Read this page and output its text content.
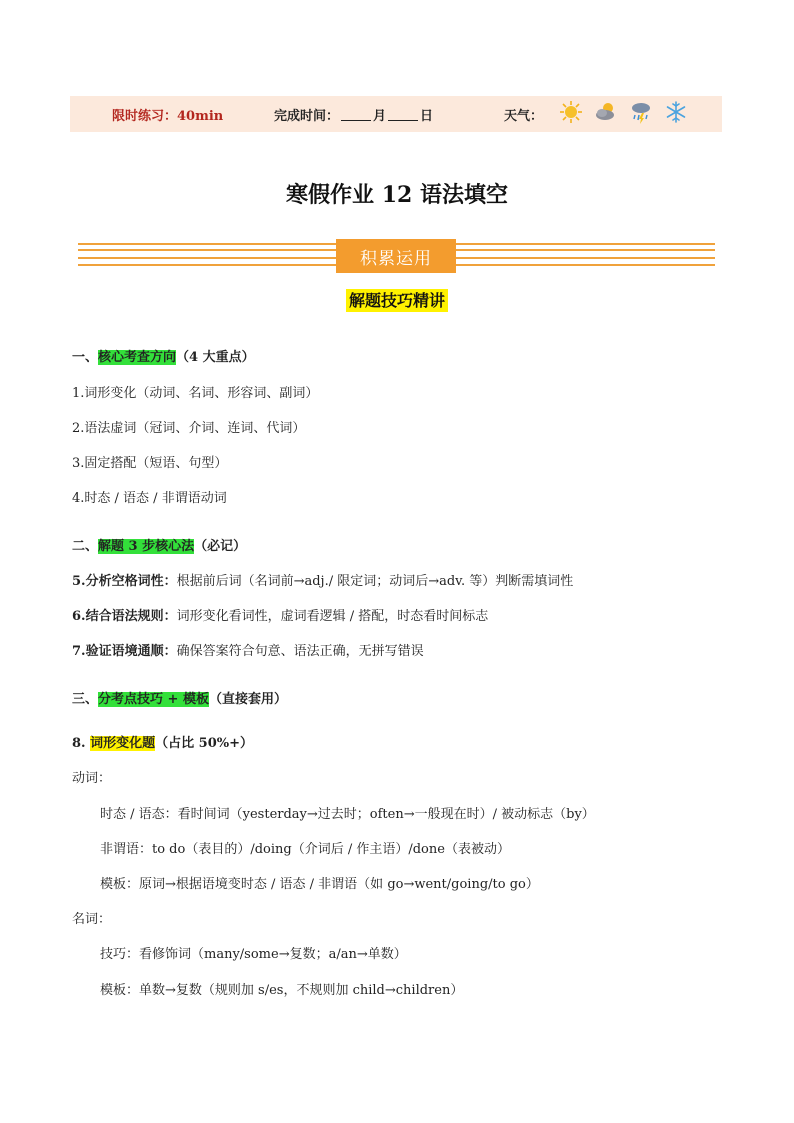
限时练习：40min	完成时间：	月	日	天气：
寒假作业 12 语法填空
积累运用
解题技巧精讲
一、核心考查方向（4 大重点）
1.词形变化（动词、名词、形容词、副词）
2.语法虚词（冠词、介词、连词、代词）
3.固定搭配（短语、句型）
4.时态 / 语态 / 非谓语动词
二、解题 3 步核心法（必记）
5.分析空格词性：根据前后词（名词前→adj./ 限定词；动词后→adv. 等）判断需填词性
6.结合语法规则：词形变化看词性，虚词看逻辑 / 搭配，时态看时间标志
7.验证语境通顺：确保答案符合句意、语法正确，无拼写错误
三、分考点技巧 + 模板（直接套用）
8. 词形变化题（占比 50%+）
动词：
时态 / 语态：看时间词（yesterday→过去时；often→一般现在时）/ 被动标志（by）
非谓语：to do（表目的）/doing（介词后 / 作主语）/done（表被动）
模板：原词→根据语境变时态 / 语态 / 非谓语（如 go→went/going/to go）
名词：
技巧：看修饰词（many/some→复数；a/an→单数）
模板：单数→复数（规则加 s/es，不规则加 child→children）
